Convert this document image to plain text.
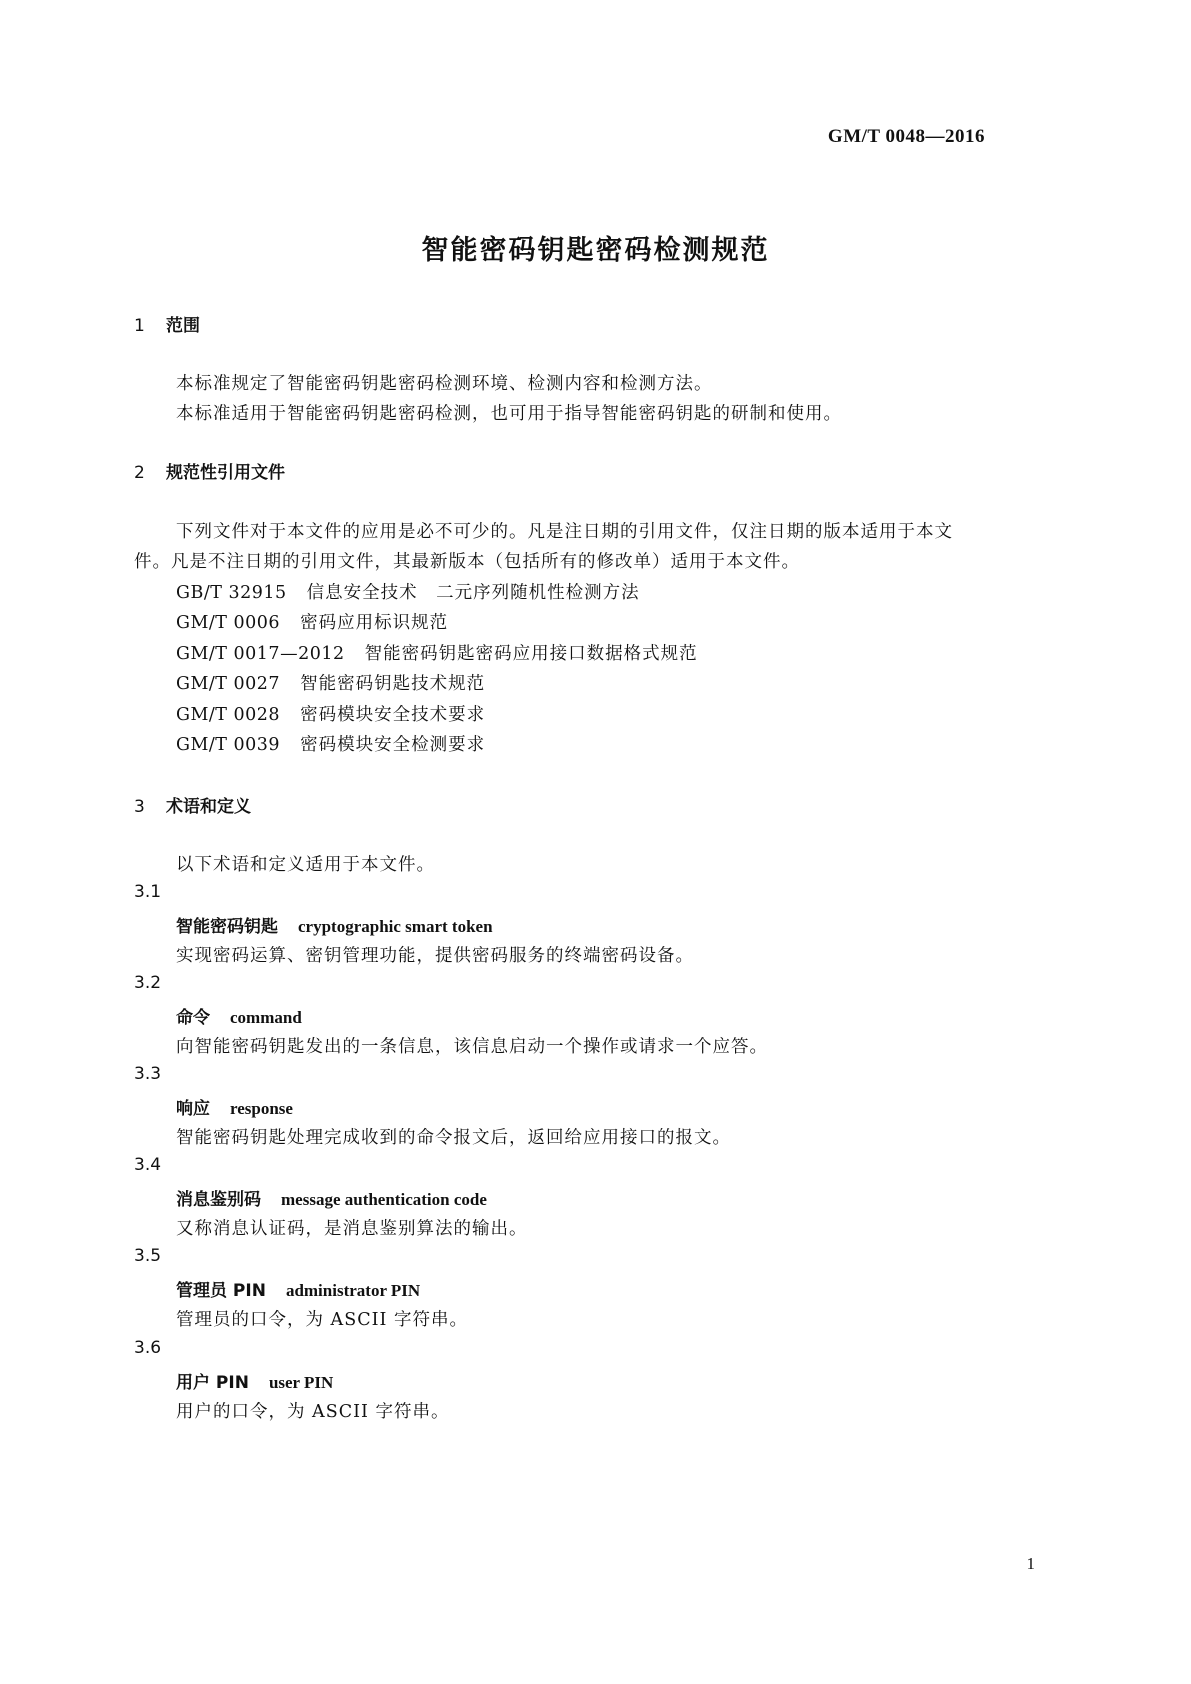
GM/T 0048—2016
智能密码钥匙密码检测规范
1 范围
本标准规定了智能密码钥匙密码检测环境、检测内容和检测方法。
本标准适用于智能密码钥匙密码检测，也可用于指导智能密码钥匙的研制和使用。
2 规范性引用文件
下列文件对于本文件的应用是必不可少的。凡是注日期的引用文件，仅注日期的版本适用于本文
件。凡是不注日期的引用文件，其最新版本（包括所有的修改单）适用于本文件。
GB/T 32915 信息安全技术　二元序列随机性检测方法
GM/T 0006 密码应用标识规范
GM/T 0017—2012 智能密码钥匙密码应用接口数据格式规范
GM/T 0027 智能密码钥匙技术规范
GM/T 0028 密码模块安全技术要求
GM/T 0039 密码模块安全检测要求
3 术语和定义
以下术语和定义适用于本文件。
3.1
智能密码钥匙 cryptographic smart token
实现密码运算、密钥管理功能，提供密码服务的终端密码设备。
3.2
命令 command
向智能密码钥匙发出的一条信息，该信息启动一个操作或请求一个应答。
3.3
响应 response
智能密码钥匙处理完成收到的命令报文后，返回给应用接口的报文。
3.4
消息鉴别码 message authentication code
又称消息认证码，是消息鉴别算法的输出。
3.5
管理员 PIN administrator PIN
管理员的口令，为 ASCII 字符串。
3.6
用户 PIN user PIN
用户的口令，为 ASCII 字符串。
1
